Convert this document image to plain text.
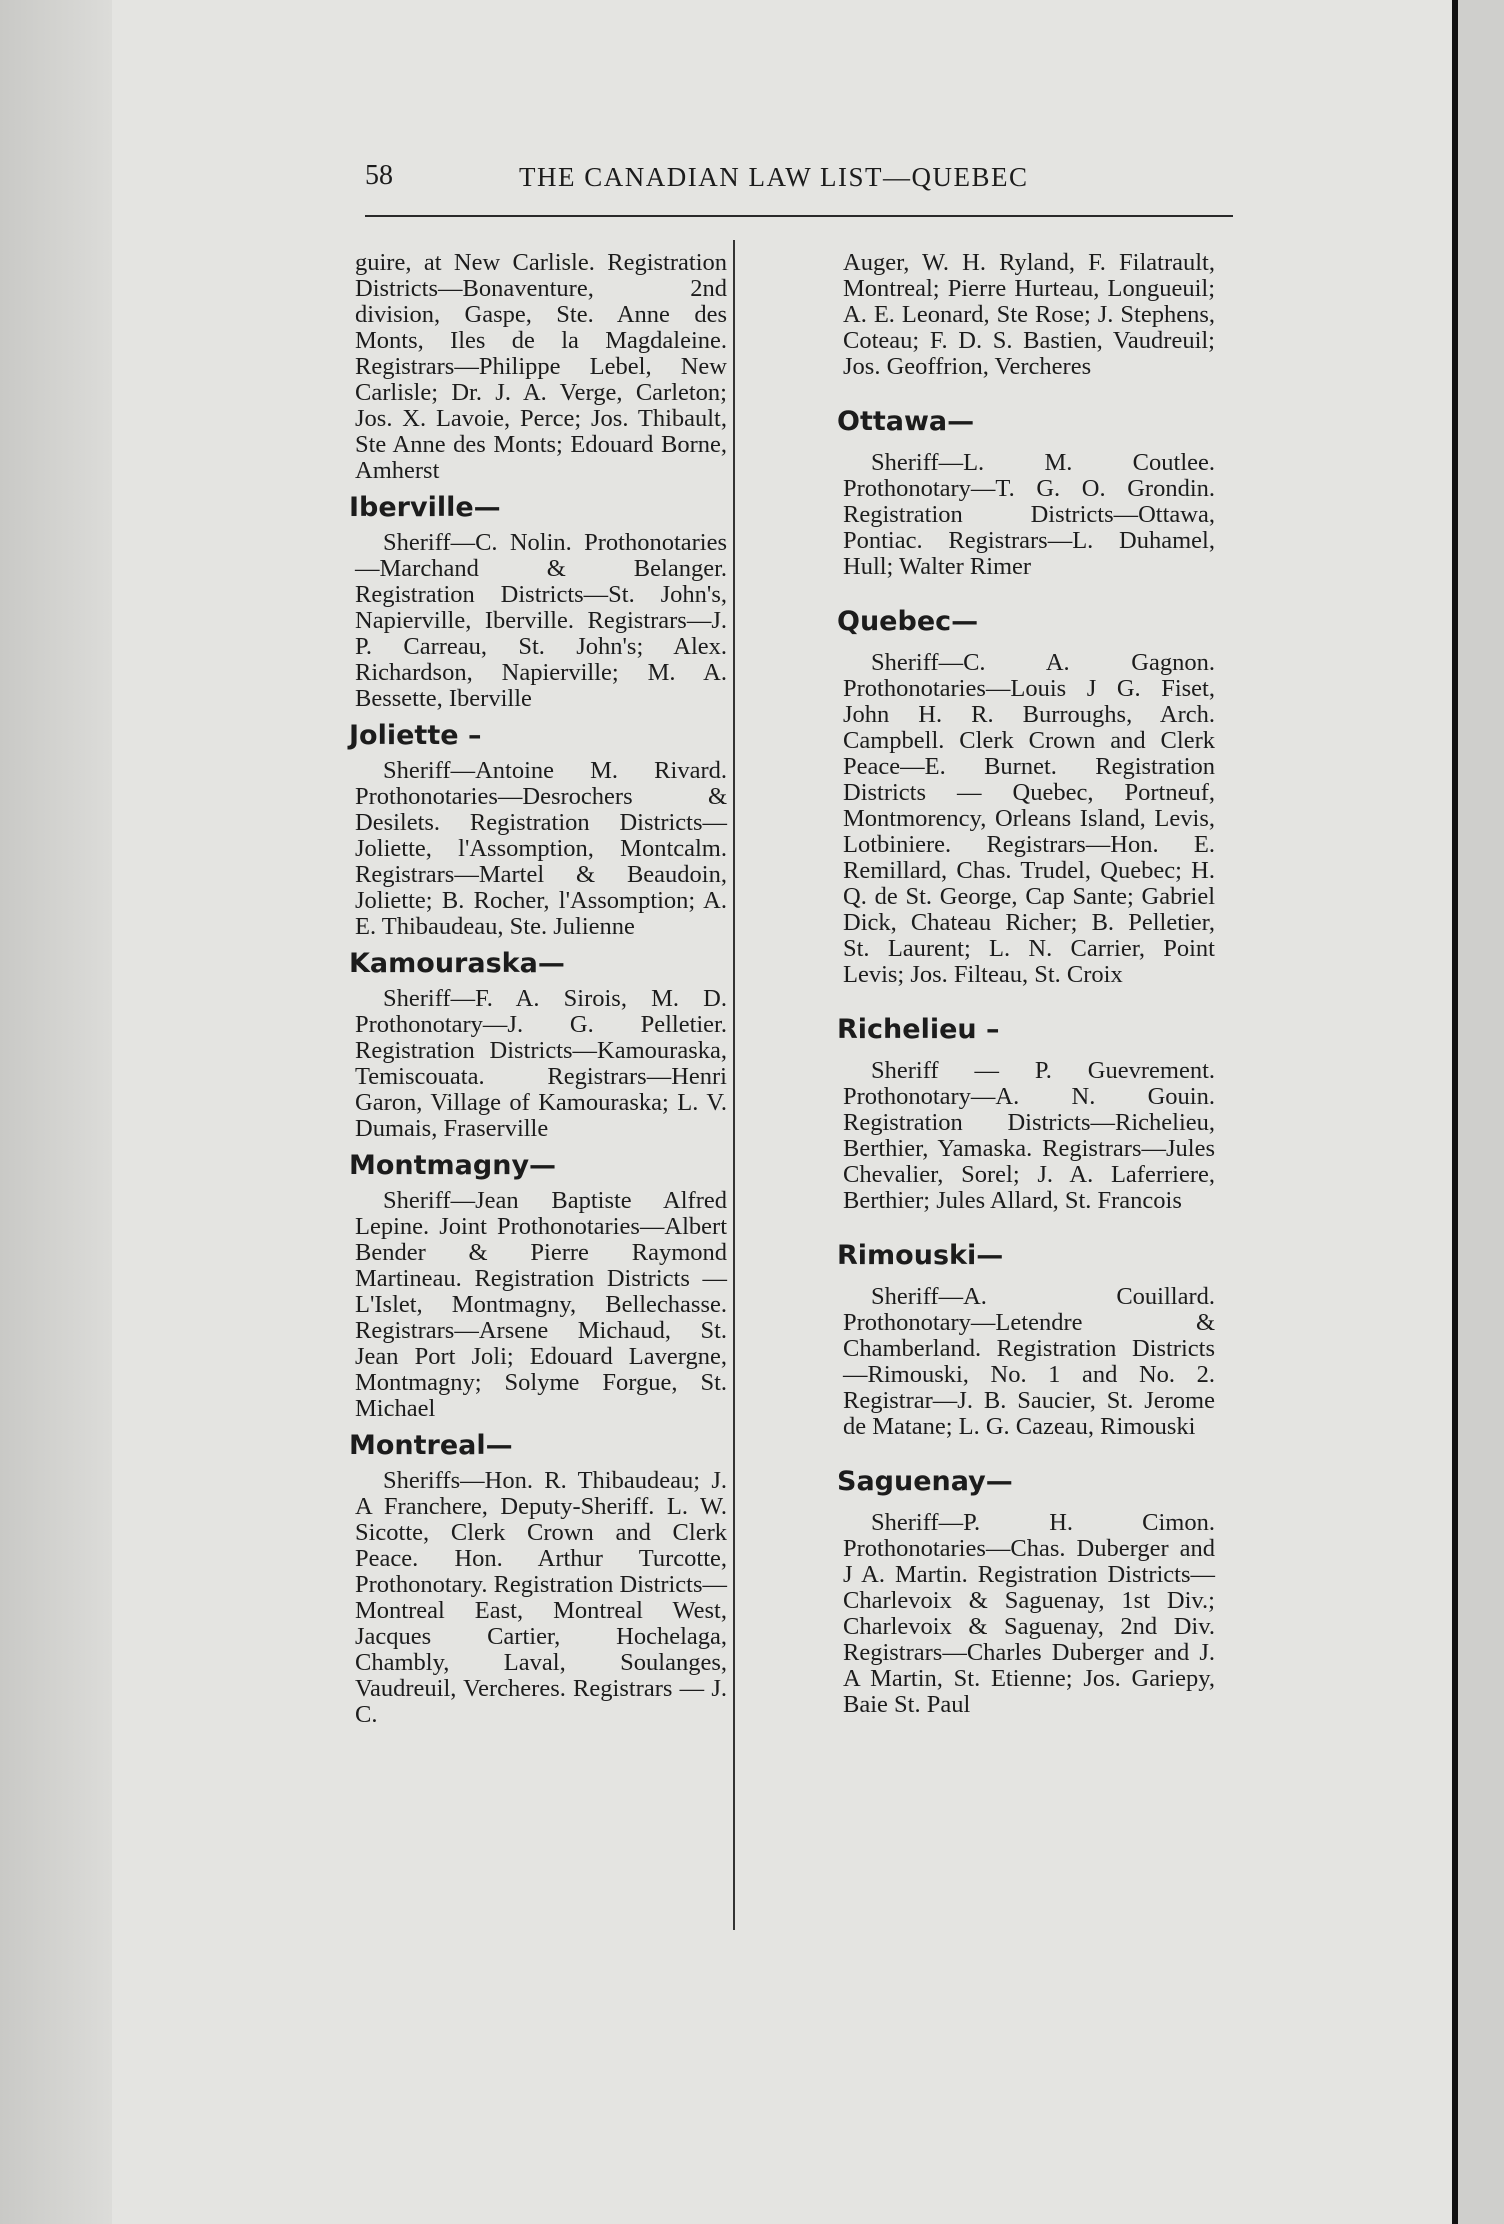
58	THE CANADIAN LAW LIST—QUEBEC

guire, at New Carlisle. Registration Districts—Bonaventure, 2nd division, Gaspe, Ste. Anne des Monts, Iles de la Magdaleine. Registrars—Philippe Lebel, New Carlisle; Dr. J. A. Verge, Carleton; Jos. X. Lavoie, Perce; Jos. Thibault, Ste Anne des Monts; Edouard Borne, Amherst

Iberville—

Sheriff—C. Nolin. Prothonotaries—Marchand & Belanger. Registration Districts—St. John's, Napierville, Iberville. Registrars—J. P. Carreau, St. John's; Alex. Richardson, Napierville; M. A. Bessette, Iberville

Joliette –

Sheriff—Antoine M. Rivard. Prothonotaries—Desrochers & Desilets. Registration Districts—Joliette, l'Assomption, Montcalm. Registrars—Martel & Beaudoin, Joliette; B. Rocher, l'Assomption; A. E. Thibaudeau, Ste. Julienne

Kamouraska—

Sheriff—F. A. Sirois, M. D. Prothonotary—J. G. Pelletier. Registration Districts—Kamouraska, Temiscouata. Registrars—Henri Garon, Village of Kamouraska; L. V. Dumais, Fraserville

Montmagny—

Sheriff—Jean Baptiste Alfred Lepine. Joint Prothonotaries—Albert Bender & Pierre Raymond Martineau. Registration Districts — L'Islet, Montmagny, Bellechasse. Registrars—Arsene Michaud, St. Jean Port Joli; Edouard Lavergne, Montmagny; Solyme Forgue, St. Michael

Montreal—

Sheriffs—Hon. R. Thibaudeau; J. A Franchere, Deputy-Sheriff. L. W. Sicotte, Clerk Crown and Clerk Peace. Hon. Arthur Turcotte, Prothonotary. Registration Districts—Montreal East, Montreal West, Jacques Cartier, Hochelaga, Chambly, Laval, Soulanges, Vaudreuil, Vercheres. Registrars — J. C.

Auger, W. H. Ryland, F. Filatrault, Montreal; Pierre Hurteau, Longueuil; A. E. Leonard, Ste Rose; J. Stephens, Coteau; F. D. S. Bastien, Vaudreuil; Jos. Geoffrion, Vercheres

Ottawa—

Sheriff—L. M. Coutlee. Prothonotary—T. G. O. Grondin. Registration Districts—Ottawa, Pontiac. Registrars—L. Duhamel, Hull; Walter Rimer

Quebec—

Sheriff—C. A. Gagnon. Prothonotaries—Louis J G. Fiset, John H. R. Burroughs, Arch. Campbell. Clerk Crown and Clerk Peace—E. Burnet. Registration Districts — Quebec, Portneuf, Montmorency, Orleans Island, Levis, Lotbiniere. Registrars—Hon. E. Remillard, Chas. Trudel, Quebec; H. Q. de St. George, Cap Sante; Gabriel Dick, Chateau Richer; B. Pelletier, St. Laurent; L. N. Carrier, Point Levis; Jos. Filteau, St. Croix

Richelieu –

Sheriff — P. Guevrement. Prothonotary—A. N. Gouin. Registration Districts—Richelieu, Berthier, Yamaska. Registrars—Jules Chevalier, Sorel; J. A. Laferriere, Berthier; Jules Allard, St. Francois

Rimouski—

Sheriff—A. Couillard. Prothonotary—Letendre & Chamberland. Registration Districts—Rimouski, No. 1 and No. 2. Registrar—J. B. Saucier, St. Jerome de Matane; L. G. Cazeau, Rimouski

Saguenay—

Sheriff—P. H. Cimon. Prothonotaries—Chas. Duberger and J A. Martin. Registration Districts—Charlevoix & Saguenay, 1st Div.; Charlevoix & Saguenay, 2nd Div. Registrars—Charles Duberger and J. A Martin, St. Etienne; Jos. Gariepy, Baie St. Paul
